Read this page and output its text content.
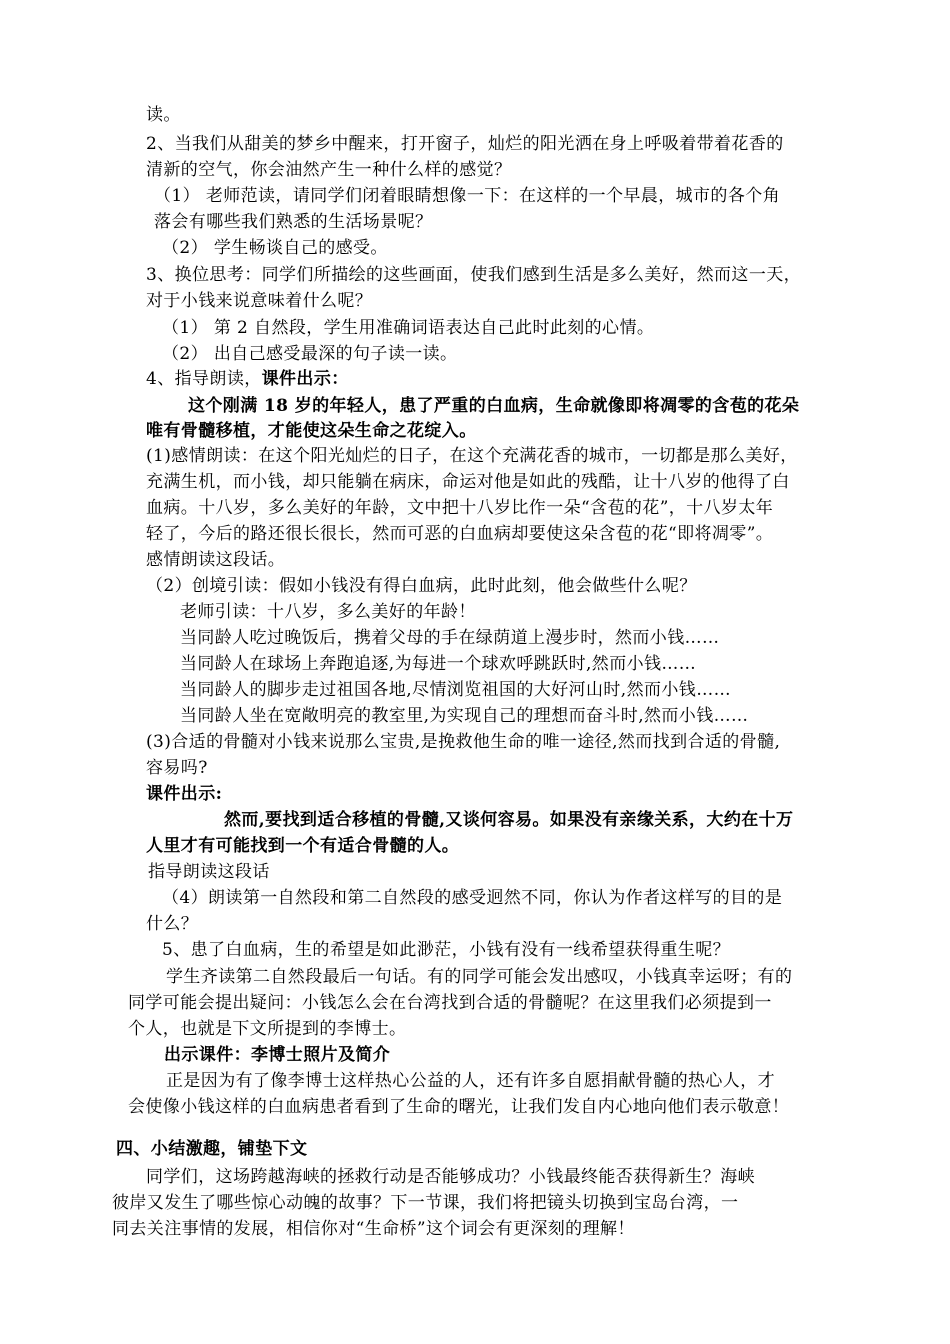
读。
2、当我们从甜美的梦乡中醒来，打开窗子，灿烂的阳光洒在身上呼吸着带着花香的
清新的空气，你会油然产生一种什么样的感觉？
（1） 老师范读，请同学们闭着眼睛想像一下：在这样的一个早晨，城市的各个角
落会有哪些我们熟悉的生活场景呢？
（2） 学生畅谈自己的感受。
3、换位思考：同学们所描绘的这些画面，使我们感到生活是多么美好，然而这一天，
对于小钱来说意味着什么呢？
（1） 第 2 自然段，学生用准确词语表达自己此时此刻的心情。
（2） 出自己感受最深的句子读一读。
4、指导朗读，课件出示：
这个刚满 18 岁的年轻人，患了严重的白血病，生命就像即将凋零的含苞的花朵
唯有骨髓移植，才能使这朵生命之花绽入。
(1)感情朗读：在这个阳光灿烂的日子，在这个充满花香的城市，一切都是那么美好，
充满生机，而小钱，却只能躺在病床，命运对他是如此的残酷，让十八岁的他得了白
血病。十八岁，多么美好的年龄，文中把十八岁比作一朵“含苞的花”，十八岁太年
轻了，今后的路还很长很长，然而可恶的白血病却要使这朵含苞的花“即将凋零”。
感情朗读这段话。
（2）创境引读：假如小钱没有得白血病，此时此刻，他会做些什么呢？
老师引读：十八岁，多么美好的年龄！
当同龄人吃过晚饭后，携着父母的手在绿荫道上漫步时，然而小钱……
当同龄人在球场上奔跑追逐,为每进一个球欢呼跳跃时,然而小钱……
当同龄人的脚步走过祖国各地,尽情浏览祖国的大好河山时,然而小钱……
当同龄人坐在宽敞明亮的教室里,为实现自己的理想而奋斗时,然而小钱……
(3)合适的骨髓对小钱来说那么宝贵,是挽救他生命的唯一途径,然而找到合适的骨髓,
容易吗?
课件出示:
然而,要找到适合移植的骨髓,又谈何容易。如果没有亲缘关系，大约在十万
人里才有可能找到一个有适合骨髓的人。
指导朗读这段话
（4）朗读第一自然段和第二自然段的感受迥然不同，你认为作者这样写的目的是
什么？
5、患了白血病，生的希望是如此渺茫，小钱有没有一线希望获得重生呢？
学生齐读第二自然段最后一句话。有的同学可能会发出感叹，小钱真幸运呀；有的
同学可能会提出疑问：小钱怎么会在台湾找到合适的骨髓呢？在这里我们必须提到一
个人，也就是下文所提到的李博士。
出示课件：李博士照片及简介
正是因为有了像李博士这样热心公益的人，还有许多自愿捐献骨髓的热心人，才
会使像小钱这样的白血病患者看到了生命的曙光，让我们发自内心地向他们表示敬意！
四、小结激趣，铺垫下文
同学们，这场跨越海峡的拯救行动是否能够成功？小钱最终能否获得新生？海峡
彼岸又发生了哪些惊心动魄的故事？下一节课，我们将把镜头切换到宝岛台湾，一
同去关注事情的发展，相信你对“生命桥”这个词会有更深刻的理解！
